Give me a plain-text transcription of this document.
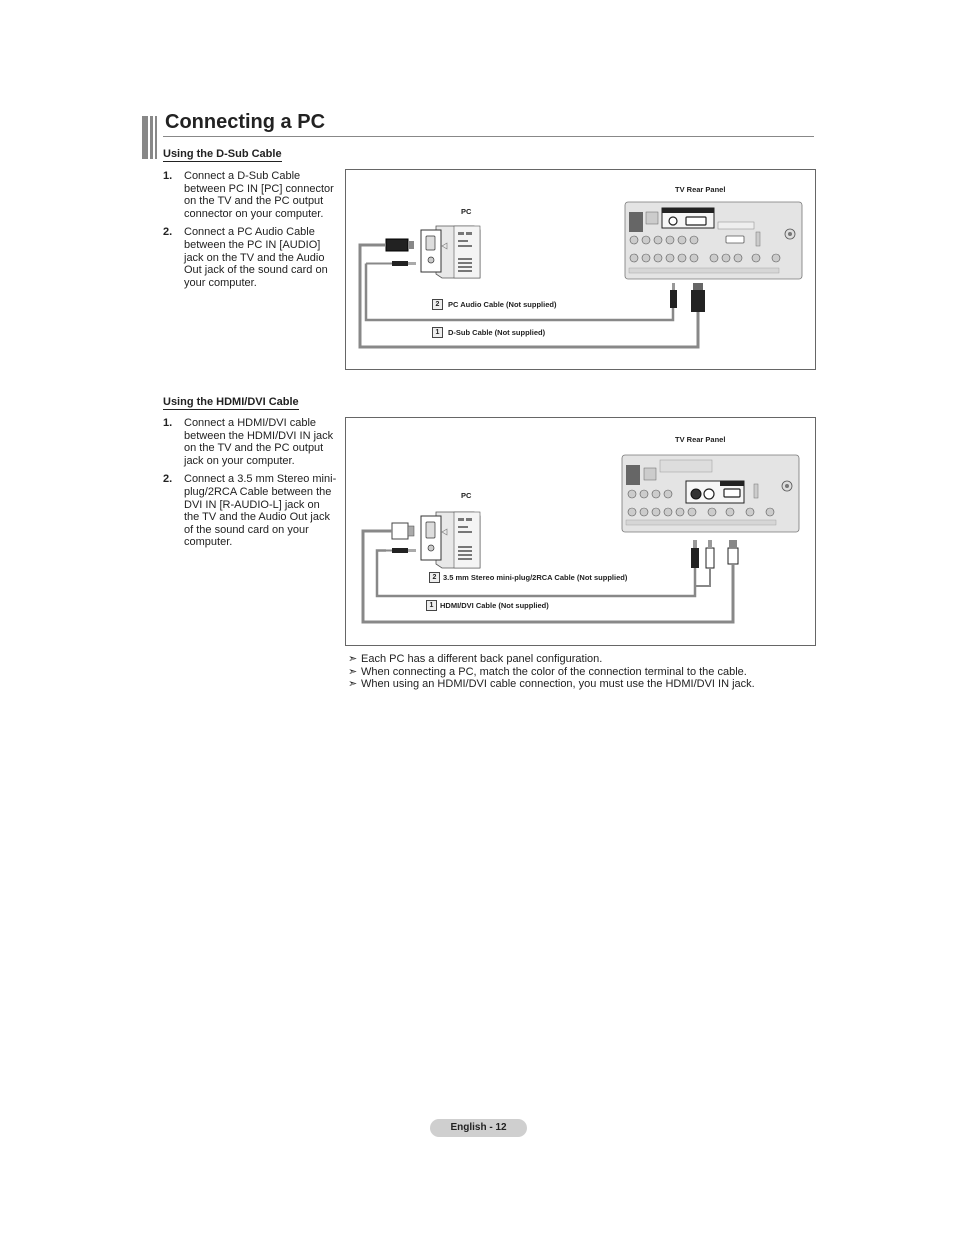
Connecting a PC
Using the D-Sub Cable
1.	Connect a D-Sub Cable between PC IN [PC] connector on the TV and the PC output connector on your computer.
2.	Connect a PC Audio Cable between the PC IN [AUDIO] jack on the TV and the Audio Out jack of the sound card on your computer.
TV Rear Panel
PC
2	PC Audio Cable (Not supplied)
1	D-Sub Cable (Not supplied)
Using the HDMI/DVI Cable
1.	Connect a HDMI/DVI cable between the HDMI/DVI IN jack on the TV and the PC output jack on your computer.
2.	Connect a 3.5 mm Stereo mini-plug/2RCA Cable between the DVI IN [R-AUDIO-L] jack on the TV and the Audio Out jack of the sound card on your computer.
TV Rear Panel
PC
2 3.5 mm Stereo mini-plug/2RCA Cable (Not supplied)
1 HDMI/DVI Cable (Not supplied)
➣ Each PC has a different back panel configuration.
➣ When connecting a PC, match the color of the connection terminal to the cable.
➣ When using an HDMI/DVI cable connection, you must use the HDMI/DVI IN jack.
English - 12
